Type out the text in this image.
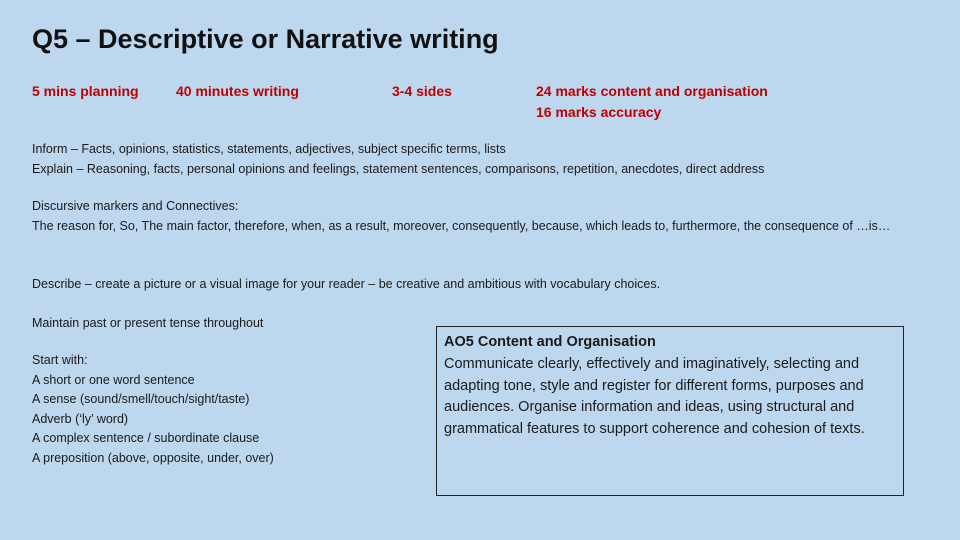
Q5 – Descriptive or Narrative writing
5 mins planning	40 minutes writing	3-4 sides	24 marks content and organisation
16 marks accuracy
Inform – Facts, opinions, statistics, statements, adjectives, subject specific terms, lists
Explain – Reasoning, facts, personal opinions and feelings, statement sentences, comparisons, repetition, anecdotes, direct address
Discursive markers and Connectives:
The reason for, So, The main factor, therefore, when, as a result, moreover, consequently, because, which leads to, furthermore, the consequence of …is…
Describe – create a picture or a visual image for your reader – be creative and ambitious with vocabulary choices.
Maintain past or present tense throughout
Start with:
A short or one word sentence
A sense (sound/smell/touch/sight/taste)
Adverb (‘ly’ word)
A complex sentence / subordinate clause
A preposition (above, opposite, under, over)
AO5 Content and Organisation
Communicate clearly, effectively and imaginatively, selecting and adapting tone, style and register for different forms, purposes and audiences. Organise information and ideas, using structural and grammatical features to support coherence and cohesion of texts.
